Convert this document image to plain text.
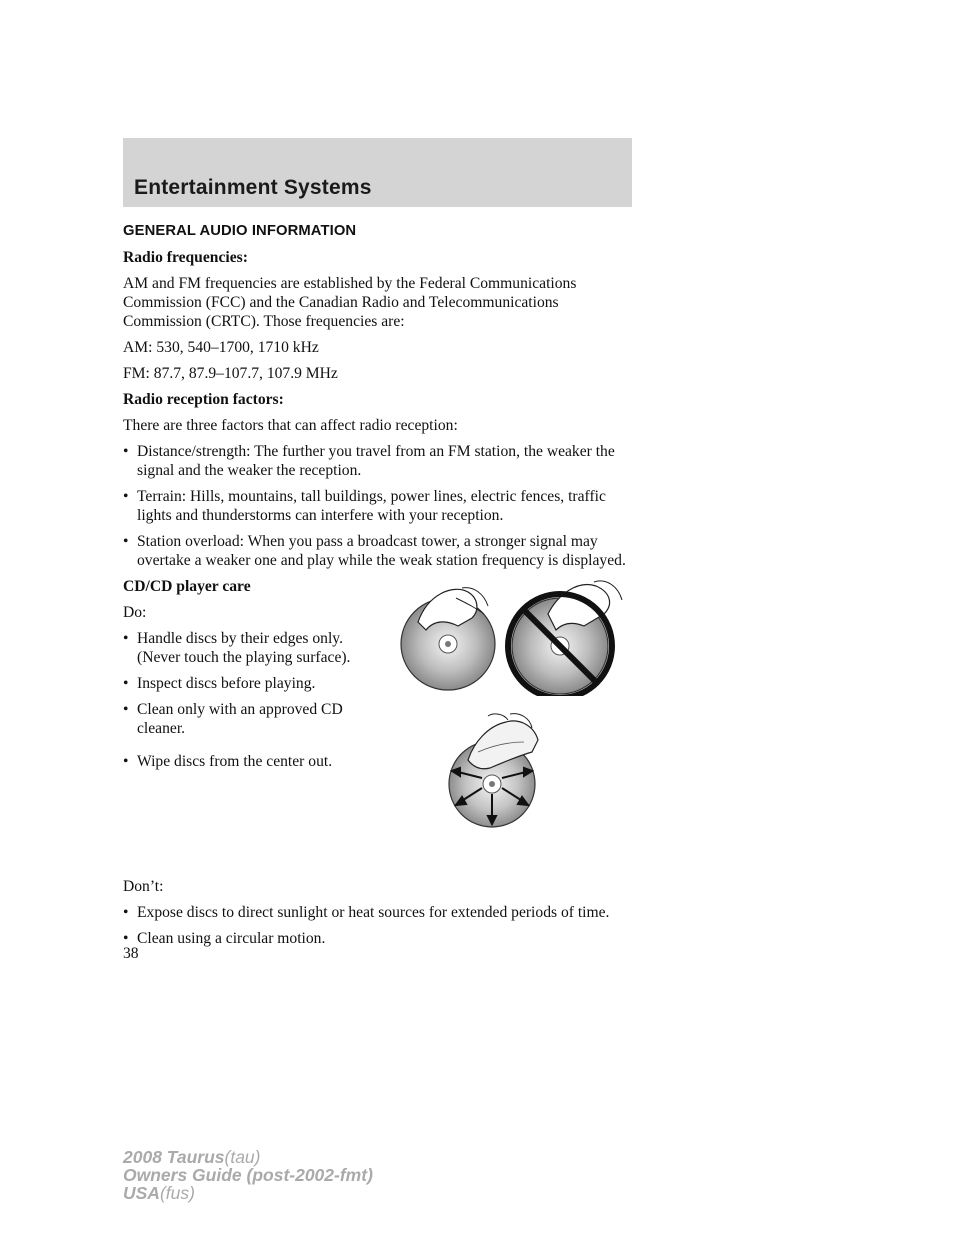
Entertainment Systems

GENERAL AUDIO INFORMATION

Radio frequencies:

AM and FM frequencies are established by the Federal Communications Commission (FCC) and the Canadian Radio and Telecommunications Commission (CRTC). Those frequencies are:

AM: 530, 540–1700, 1710 kHz

FM: 87.7, 87.9–107.7, 107.9 MHz

Radio reception factors:

There are three factors that can affect radio reception:

• Distance/strength: The further you travel from an FM station, the weaker the signal and the weaker the reception.
• Terrain: Hills, mountains, tall buildings, power lines, electric fences, traffic lights and thunderstorms can interfere with your reception.
• Station overload: When you pass a broadcast tower, a stronger signal may overtake a weaker one and play while the weak station frequency is displayed.

CD/CD player care

Do:

• Handle discs by their edges only. (Never touch the playing surface).
• Inspect discs before playing.
• Clean only with an approved CD cleaner.
• Wipe discs from the center out.

Don’t:

• Expose discs to direct sunlight or heat sources for extended periods of time.
• Clean using a circular motion.
38
2008 Taurus(tau)
Owners Guide (post-2002-fmt)
USA(fus)
